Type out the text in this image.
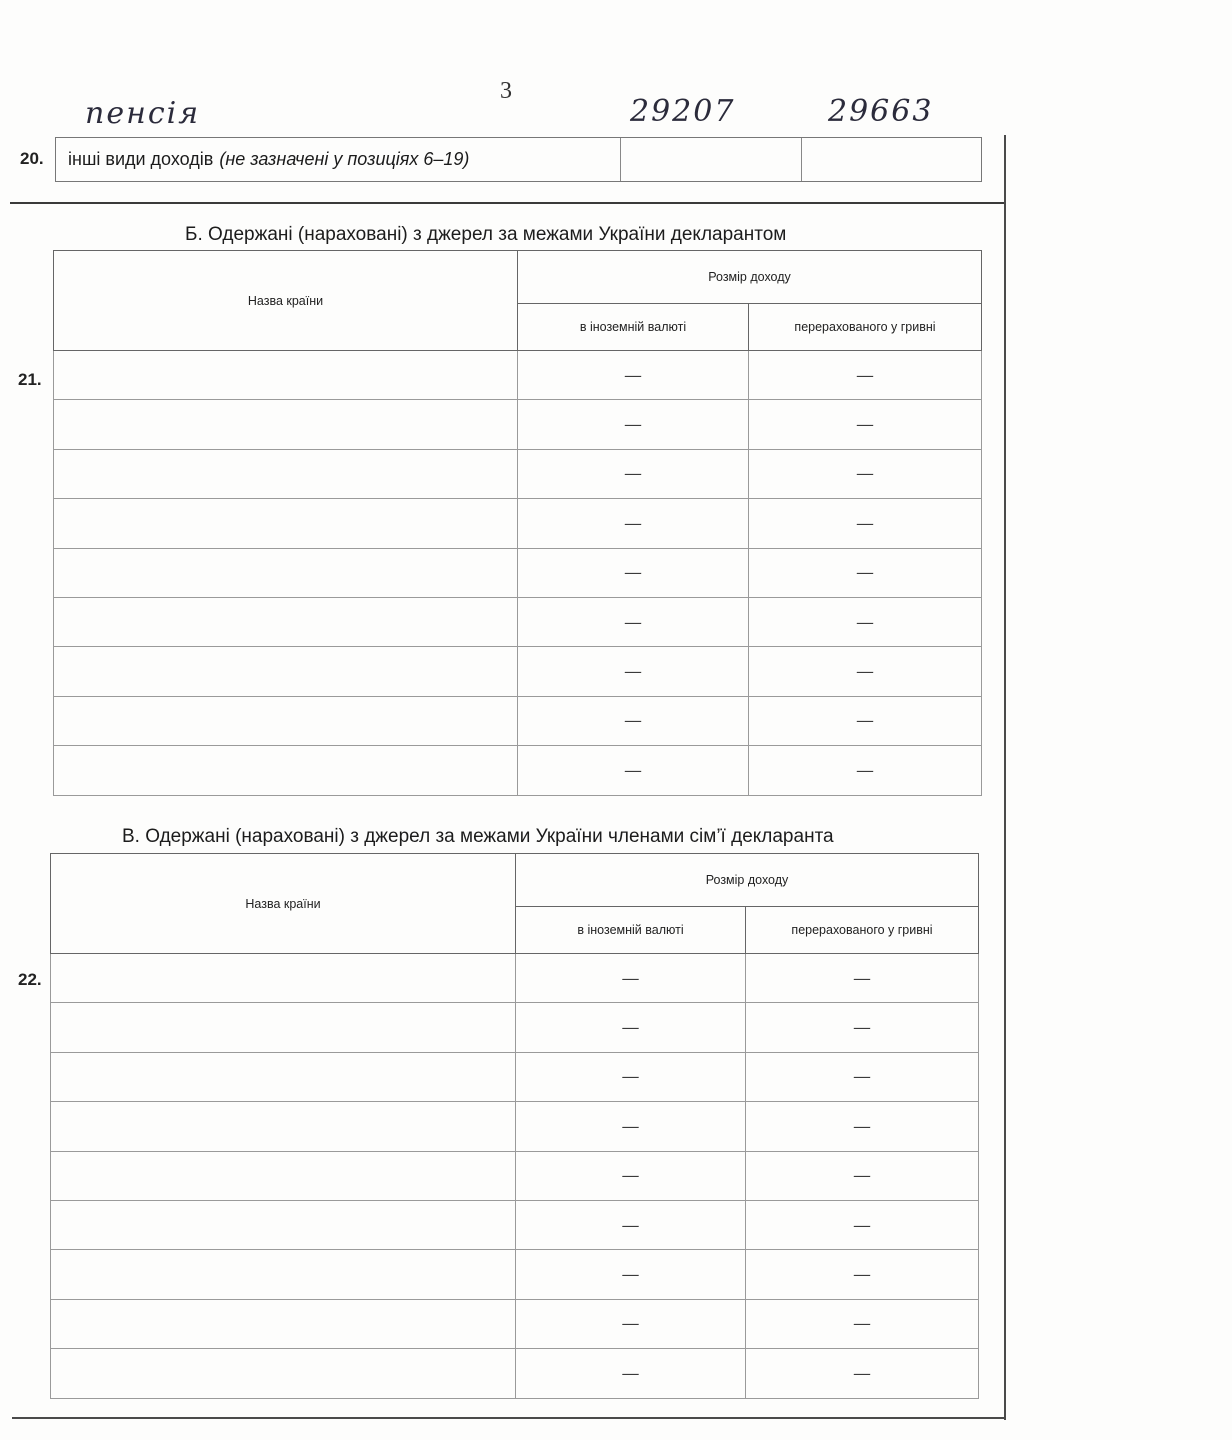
3
пенсія	29207	29663
20. інші види доходів (не зазначені у позиціях 6–19)
Б. Одержані (нараховані) з джерел за межами України декларантом
21.
Назва країни	Розмір доходу	
	в іноземній валюті	перерахованого у гривні
	—	—
	—	—
	—	—
	—	—
	—	—
	—	—
	—	—
	—	—
	—	—
В. Одержані (нараховані) з джерел за межами України членами сім’ї декларанта
22.
Назва країни	Розмір доходу	
	в іноземній валюті	перерахованого у гривні
	—	—
	—	—
	—	—
	—	—
	—	—
	—	—
	—	—
	—	—
	—	—
